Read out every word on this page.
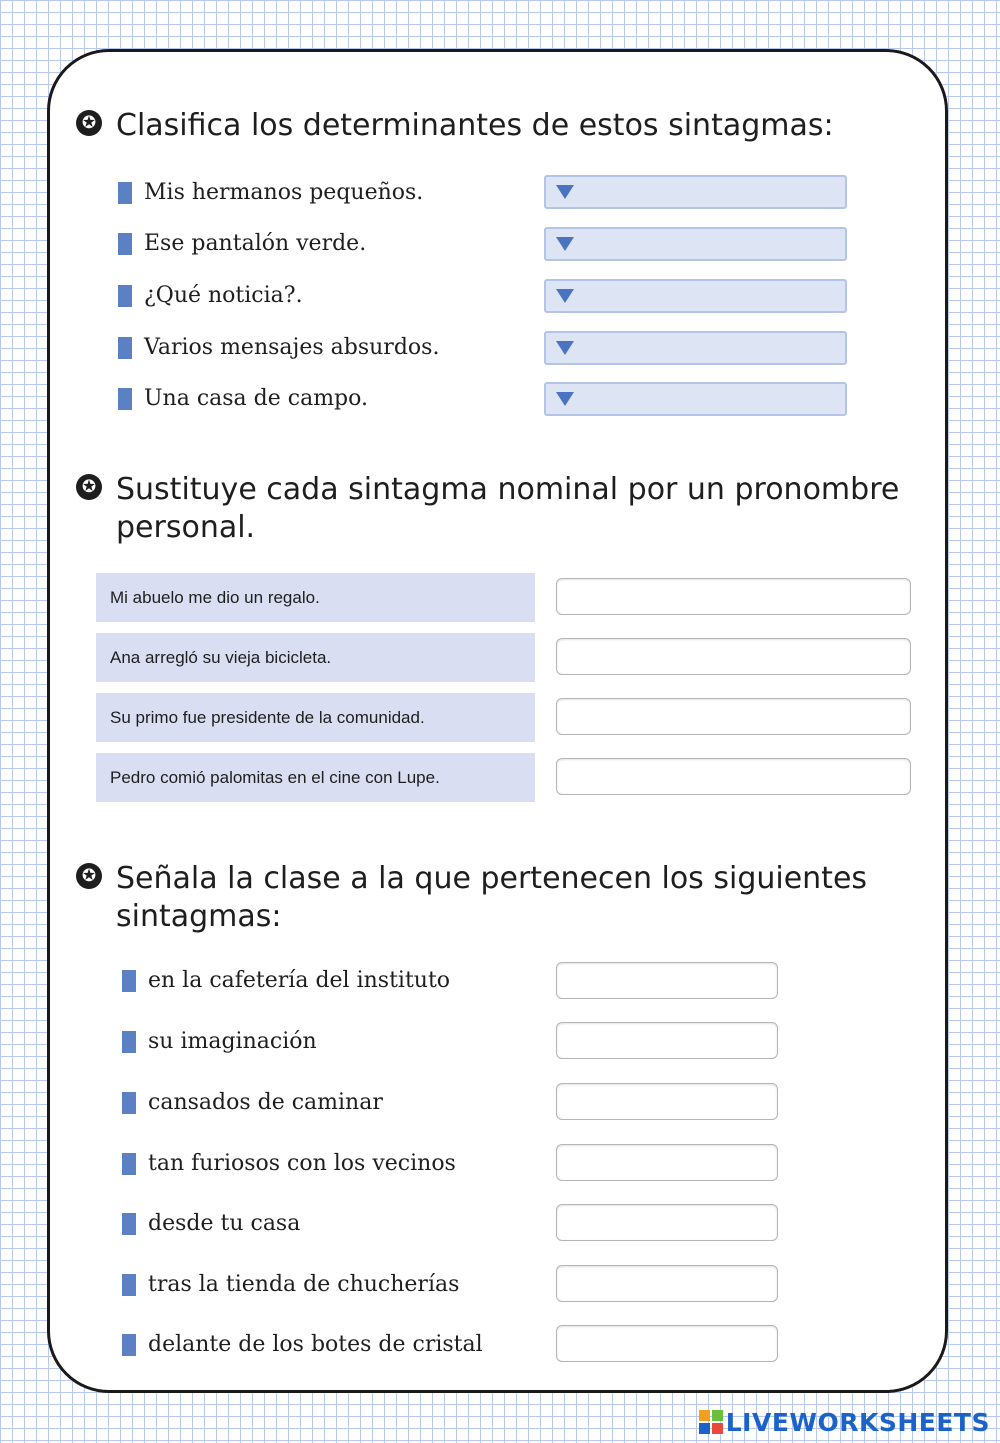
✪ Clasifica los determinantes de estos sintagmas:
Mis hermanos pequeños.
Ese pantalón verde.
¿Qué noticia?.
Varios mensajes absurdos.
Una casa de campo.
✪ Sustituye cada sintagma nominal por un pronombre
personal.
Mi abuelo me dio un regalo.
Ana arregló su vieja bicicleta.
Su primo fue presidente de la comunidad.
Pedro comió palomitas en el cine con Lupe.
✪ Señala la clase a la que pertenecen los siguientes
sintagmas:
en la cafetería del instituto
su imaginación
cansados de caminar
tan furiosos con los vecinos
desde tu casa
tras la tienda de chucherías
delante de los botes de cristal
LIVEWORKSHEETS
